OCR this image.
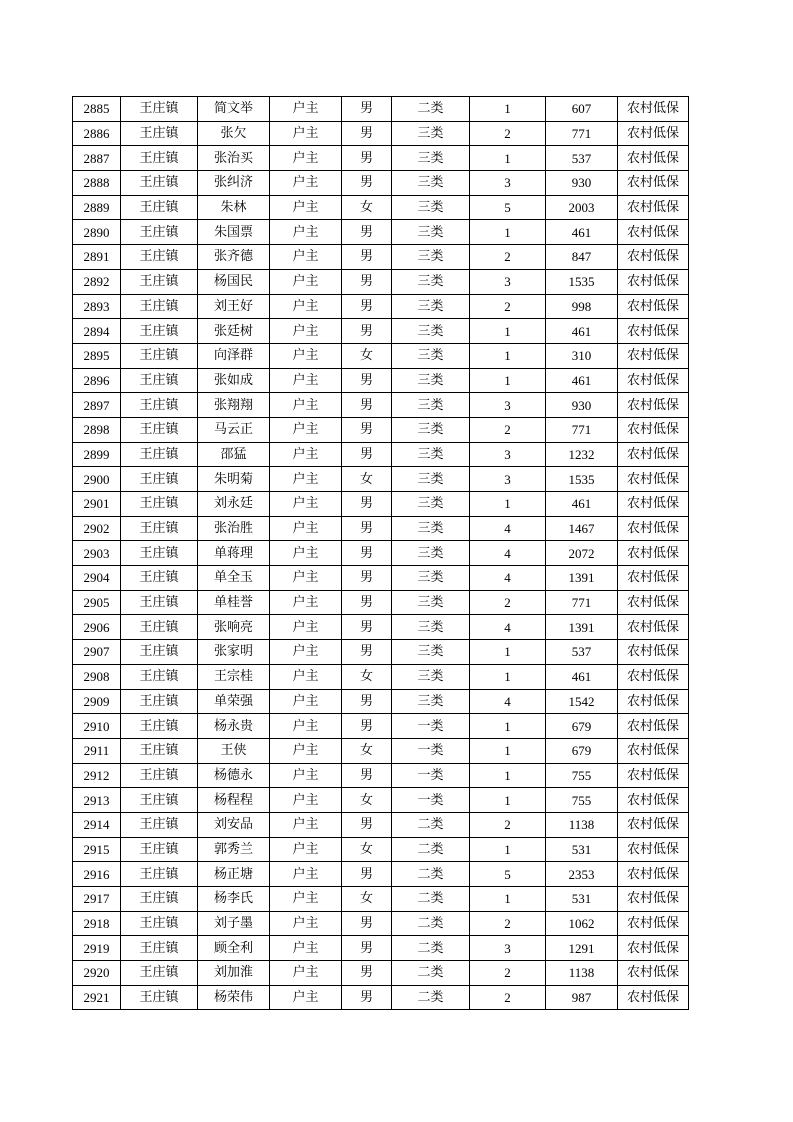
2885	王庄镇	简文举	户主	男	二类	1	607	农村低保
2886	王庄镇	张欠	户主	男	三类	2	771	农村低保
2887	王庄镇	张治买	户主	男	三类	1	537	农村低保
2888	王庄镇	张纠济	户主	男	三类	3	930	农村低保
2889	王庄镇	朱林	户主	女	三类	5	2003	农村低保
2890	王庄镇	朱国票	户主	男	三类	1	461	农村低保
2891	王庄镇	张齐德	户主	男	三类	2	847	农村低保
2892	王庄镇	杨国民	户主	男	三类	3	1535	农村低保
2893	王庄镇	刘王好	户主	男	三类	2	998	农村低保
2894	王庄镇	张廷树	户主	男	三类	1	461	农村低保
2895	王庄镇	向泽群	户主	女	三类	1	310	农村低保
2896	王庄镇	张如成	户主	男	三类	1	461	农村低保
2897	王庄镇	张翔翔	户主	男	三类	3	930	农村低保
2898	王庄镇	马云正	户主	男	三类	2	771	农村低保
2899	王庄镇	邵猛	户主	男	三类	3	1232	农村低保
2900	王庄镇	朱明菊	户主	女	三类	3	1535	农村低保
2901	王庄镇	刘永廷	户主	男	三类	1	461	农村低保
2902	王庄镇	张治胜	户主	男	三类	4	1467	农村低保
2903	王庄镇	单蒋理	户主	男	三类	4	2072	农村低保
2904	王庄镇	单全玉	户主	男	三类	4	1391	农村低保
2905	王庄镇	单桂誉	户主	男	三类	2	771	农村低保
2906	王庄镇	张响亮	户主	男	三类	4	1391	农村低保
2907	王庄镇	张家明	户主	男	三类	1	537	农村低保
2908	王庄镇	王宗桂	户主	女	三类	1	461	农村低保
2909	王庄镇	单荣强	户主	男	三类	4	1542	农村低保
2910	王庄镇	杨永贵	户主	男	一类	1	679	农村低保
2911	王庄镇	王侠	户主	女	一类	1	679	农村低保
2912	王庄镇	杨德永	户主	男	一类	1	755	农村低保
2913	王庄镇	杨程程	户主	女	一类	1	755	农村低保
2914	王庄镇	刘安品	户主	男	二类	2	1138	农村低保
2915	王庄镇	郭秀兰	户主	女	二类	1	531	农村低保
2916	王庄镇	杨正塘	户主	男	二类	5	2353	农村低保
2917	王庄镇	杨李氏	户主	女	二类	1	531	农村低保
2918	王庄镇	刘子墨	户主	男	二类	2	1062	农村低保
2919	王庄镇	顾全利	户主	男	二类	3	1291	农村低保
2920	王庄镇	刘加淮	户主	男	二类	2	1138	农村低保
2921	王庄镇	杨荣伟	户主	男	二类	2	987	农村低保
